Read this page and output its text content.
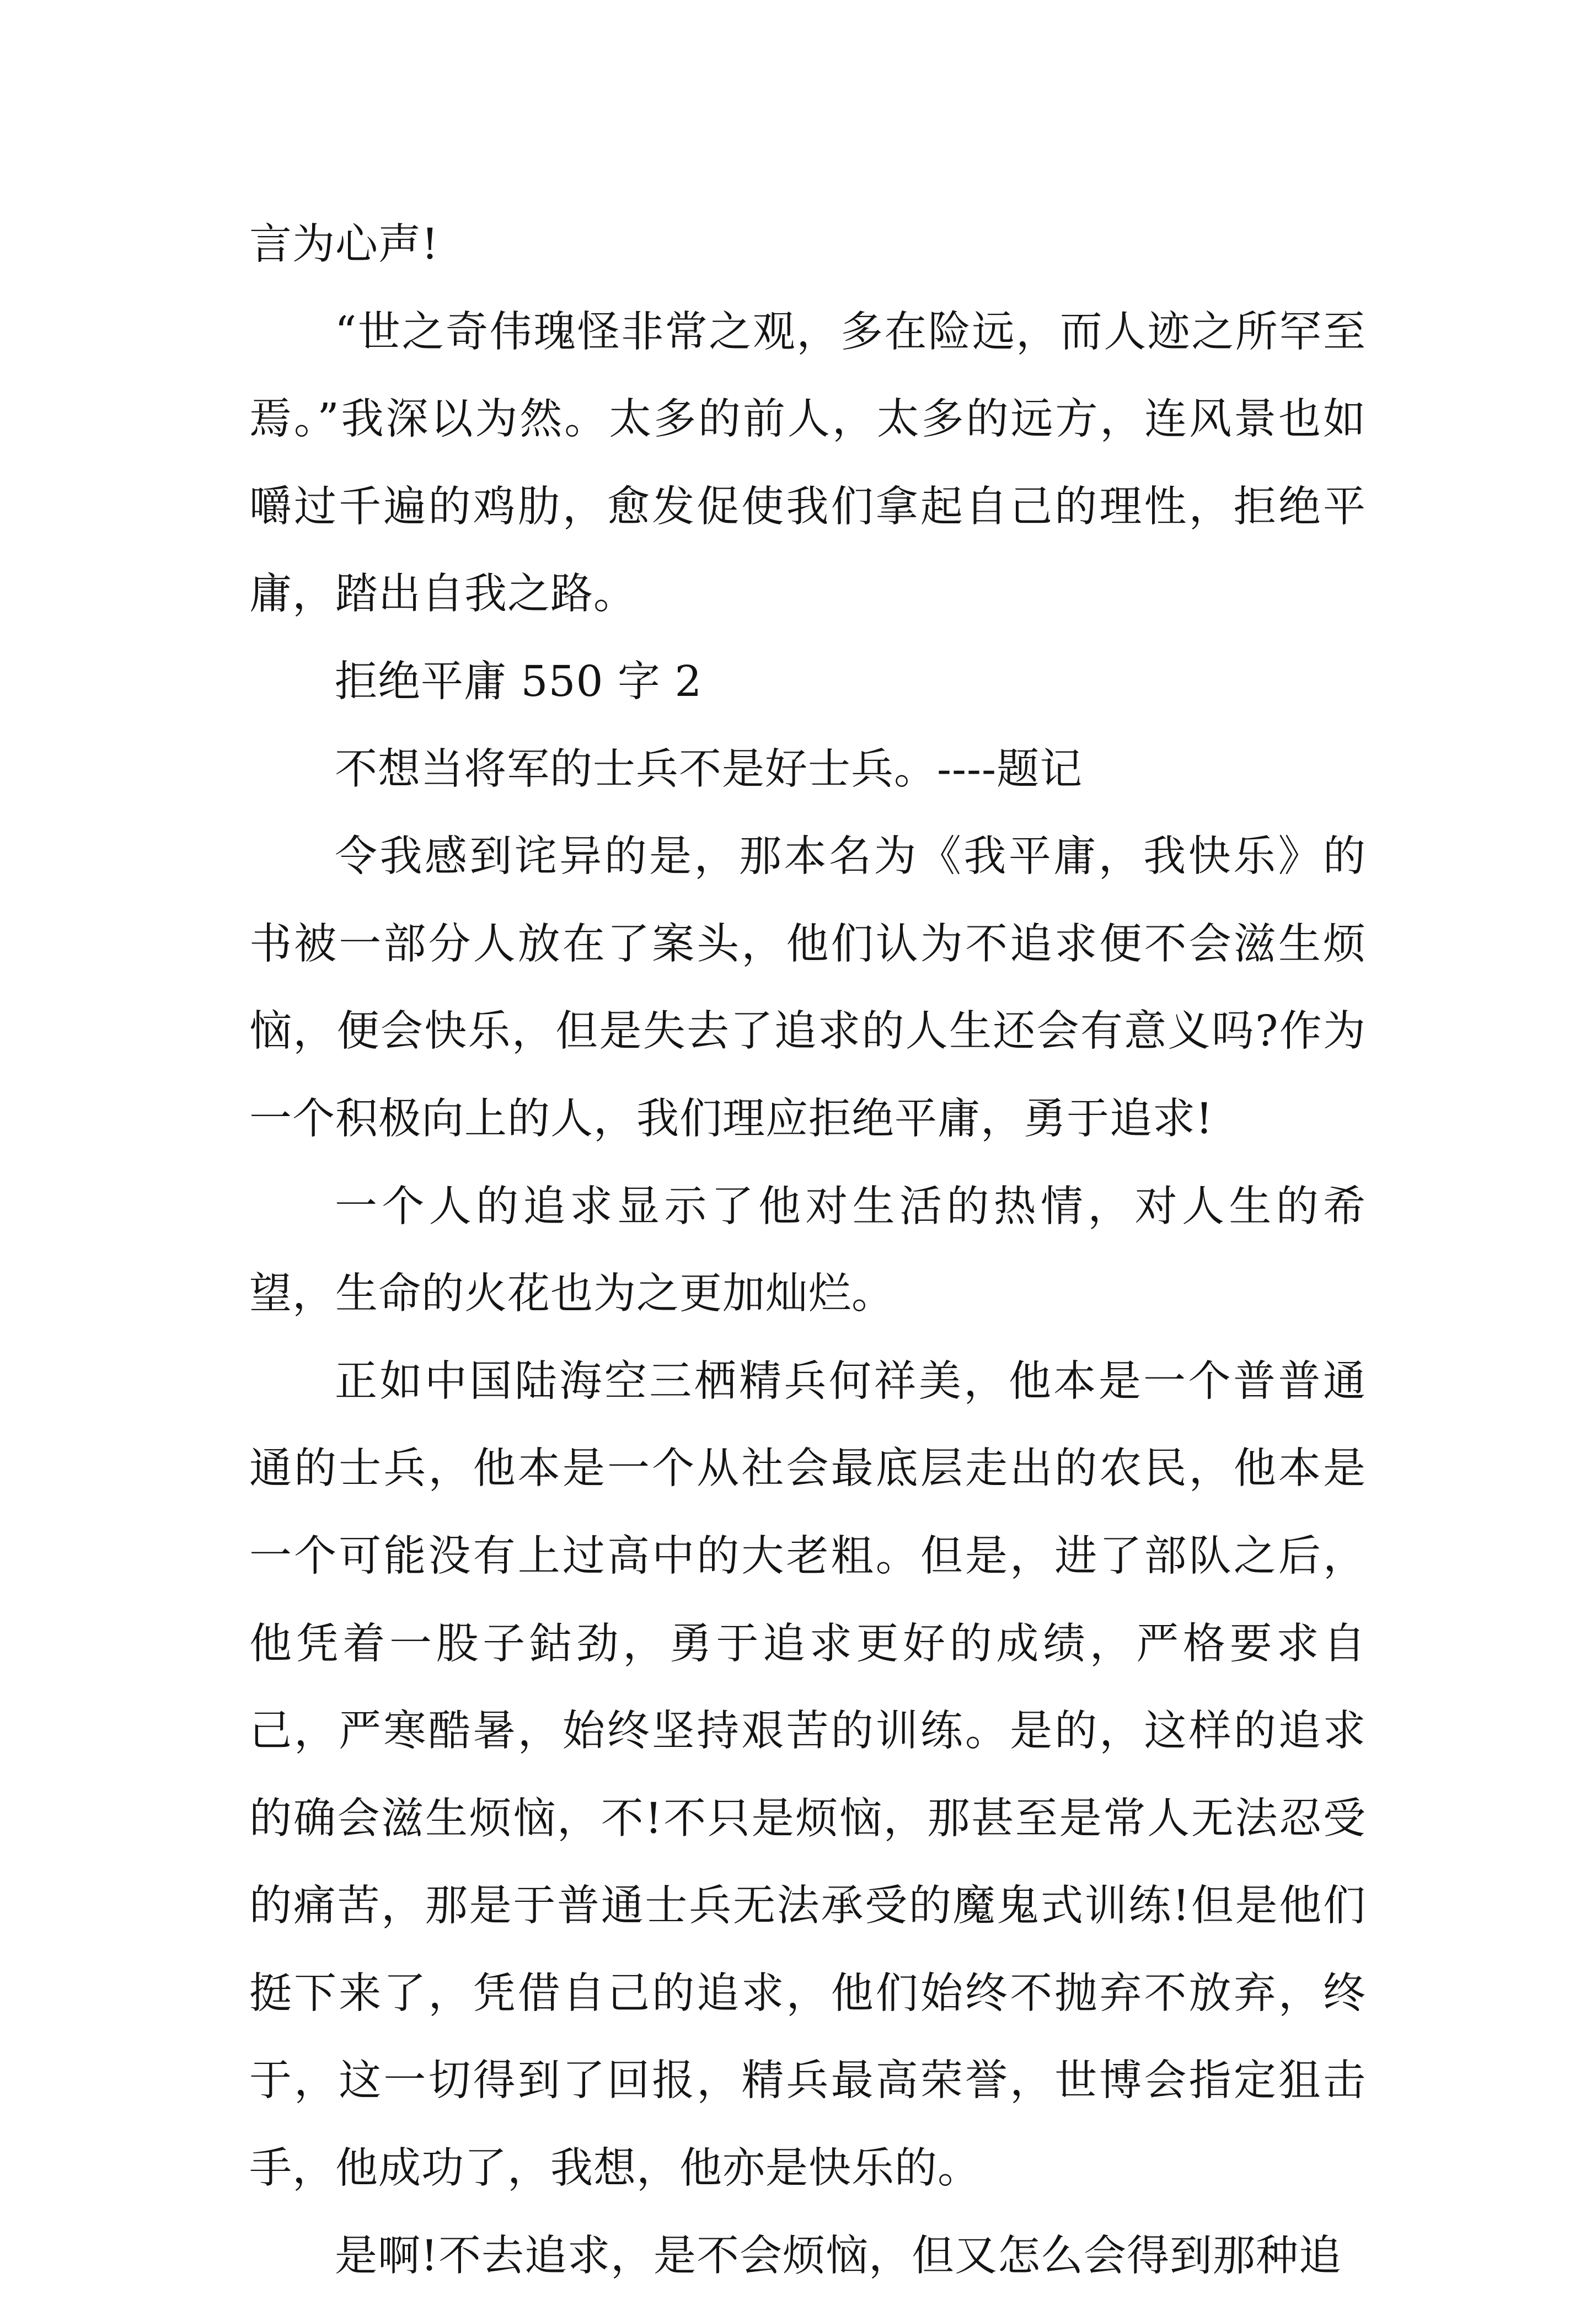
言为心声!

“世之奇伟瑰怪非常之观，多在险远，而人迹之所罕至焉。”我深以为然。太多的前人，太多的远方，连风景也如嚼过千遍的鸡肋，愈发促使我们拿起自己的理性，拒绝平庸，踏出自我之路。

拒绝平庸 550 字 2

不想当将军的士兵不是好士兵。----题记

令我感到诧异的是，那本名为《我平庸，我快乐》的书被一部分人放在了案头，他们认为不追求便不会滋生烦恼，便会快乐，但是失去了追求的人生还会有意义吗?作为一个积极向上的人，我们理应拒绝平庸，勇于追求!

一个人的追求显示了他对生活的热情，对人生的希望，生命的火花也为之更加灿烂。

正如中国陆海空三栖精兵何祥美，他本是一个普普通通的士兵，他本是一个从社会最底层走出的农民，他本是一个可能没有上过高中的大老粗。但是，进了部队之后，他凭着一股子鈷劲，勇于追求更好的成绩，严格要求自己，严寒酷暑，始终坚持艰苦的训练。是的，这样的追求的确会滋生烦恼，不!不只是烦恼，那甚至是常人无法忍受的痛苦，那是于普通士兵无法承受的魔鬼式训练!但是他们挺下来了，凭借自己的追求，他们始终不抛弃不放弃，终于，这一切得到了回报，精兵最高荣誉，世博会指定狙击手，他成功了，我想，他亦是快乐的。

是啊!不去追求，是不会烦恼，但又怎么会得到那种追
